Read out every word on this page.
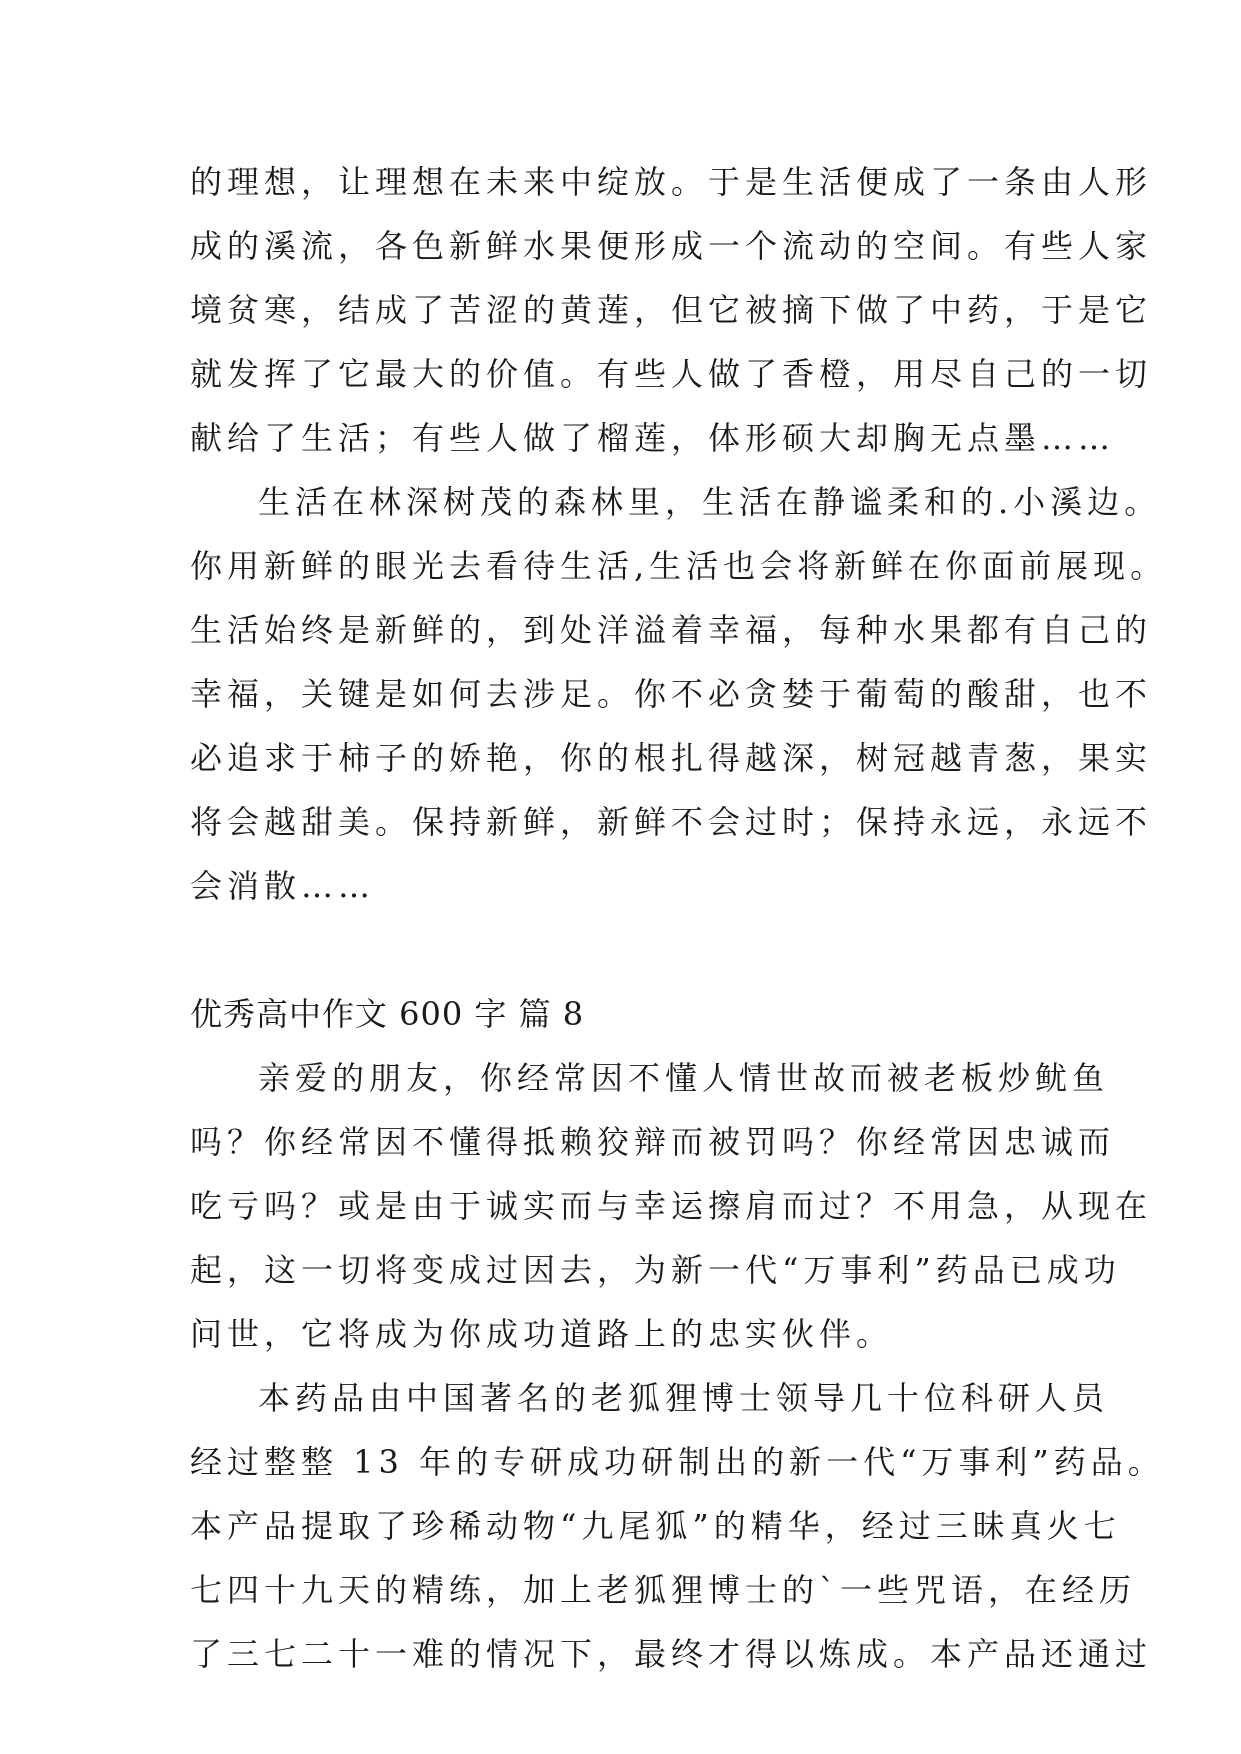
的理想，让理想在未来中绽放。于是生活便成了一条由人形
成的溪流，各色新鲜水果便形成一个流动的空间。有些人家
境贫寒，结成了苦涩的黄莲，但它被摘下做了中药，于是它
就发挥了它最大的价值。有些人做了香橙，用尽自己的一切
献给了生活；有些人做了榴莲，体形硕大却胸无点墨……
生活在林深树茂的森林里，生活在静谧柔和的.小溪边。
你用新鲜的眼光去看待生活,生活也会将新鲜在你面前展现。
生活始终是新鲜的，到处洋溢着幸福，每种水果都有自己的
幸福，关键是如何去涉足。你不必贪婪于葡萄的酸甜，也不
必追求于柿子的娇艳，你的根扎得越深，树冠越青葱，果实
将会越甜美。保持新鲜，新鲜不会过时；保持永远，永远不
会消散……
优秀高中作文 600 字 篇 8
亲爱的朋友，你经常因不懂人情世故而被老板炒鱿鱼
吗？你经常因不懂得抵赖狡辩而被罚吗？你经常因忠诚而
吃亏吗？或是由于诚实而与幸运擦肩而过？不用急，从现在
起，这一切将变成过因去，为新一代“万事利”药品已成功
问世，它将成为你成功道路上的忠实伙伴。
本药品由中国著名的老狐狸博士领导几十位科研人员
经过整整 13 年的专研成功研制出的新一代“万事利”药品。
本产品提取了珍稀动物“九尾狐”的精华，经过三昧真火七
七四十九天的精练，加上老狐狸博士的`一些咒语，在经历
了三七二十一难的情况下，最终才得以炼成。本产品还通过
